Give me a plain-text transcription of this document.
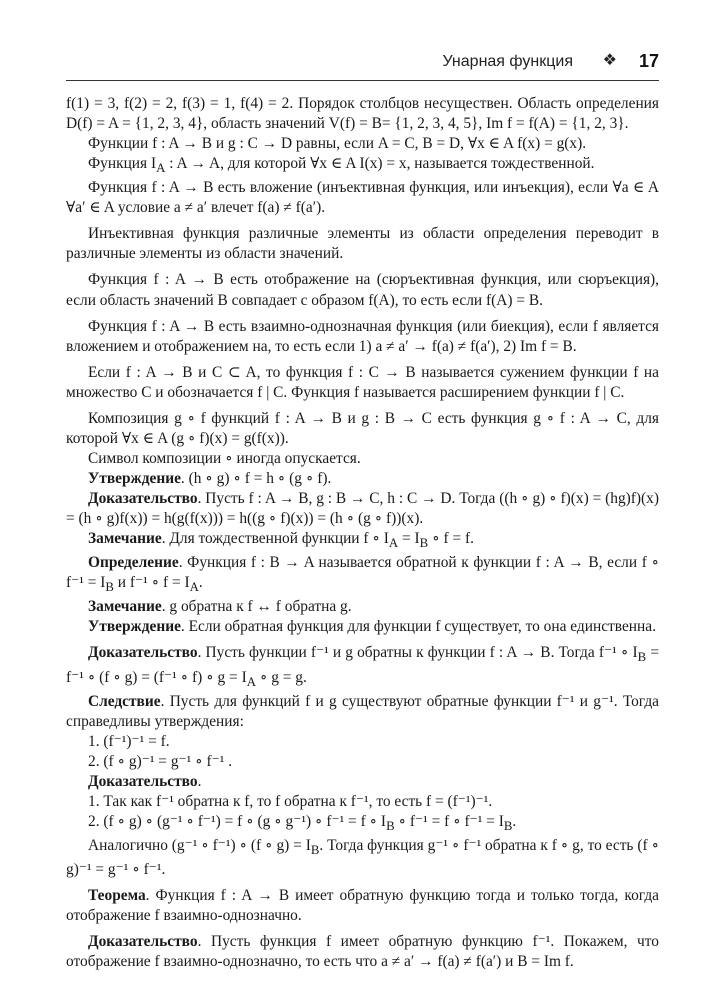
Унарная функция ❖ 17

f(1) = 3, f(2) = 2, f(3) = 1, f(4) = 2. Порядок столбцов несуществен. Область определения D(f) = A = {1, 2, 3, 4}, область значений V(f) = B= {1, 2, 3, 4, 5}, Im f = f(A) = {1, 2, 3}.

Функции f : A → B и g : C → D равны, если A = C, B = D, ∀x ∈ A f(x) = g(x).

Функция $I_A$ : A → A, для которой ∀x ∈ A I(x) = x, называется тождественной.

Функция f : A → B есть вложение (инъективная функция, или инъекция), если ∀a ∈ A ∀a′ ∈ A условие a ≠ a′ влечет f(a) ≠ f(a′).

Инъективная функция различные элементы из области определения переводит в различные элементы из области значений.

Функция f : A → B есть отображение на (сюръективная функция, или сюръекция), если область значений B совпадает с образом f(A), то есть если f(A) = B.

Функция f : A → B есть взаимно-однозначная функция (или биекция), если f является вложением и отображением на, то есть если 1) a ≠ a′ → f(a) ≠ f(a′), 2) Im f = B.

Если f : A → B и C ⊂ A, то функция f : C → B называется сужением функции f на множество C и обозначается f | C. Функция f называется расширением функции f | C.

Композиция g ∘ f функций f : A → B и g : B → C есть функция g ∘ f : A → C, для которой ∀x ∈ A (g ∘ f)(x) = g(f(x)).

Символ композиции ∘ иногда опускается.

Утверждение. (h ∘ g) ∘ f = h ∘ (g ∘ f).

Доказательство. Пусть f : A → B, g : B → C, h : C → D. Тогда ((h ∘ g) ∘ f)(x) = (hg)f)(x) = (h ∘ g)f(x)) = h(g(f(x))) = h((g ∘ f)(x)) = (h ∘ (g ∘ f))(x).

Замечание. Для тождественной функции f ∘ $I_A = I_B$ ∘ f = f.

Определение. Функция f : B → A называется обратной к функции f : A → B, если f ∘ $f^{-1} = I_B$ и f⁻¹ ∘ $f = I_A$.

Замечание. g обратна к f ↔ f обратна g.

Утверждение. Если обратная функция для функции f существует, то она единственна.

Доказательство. Пусть функции f⁻¹ и g обратны к функции f : A → B. Тогда f⁻¹ ∘ $I_B = f^{-1}$ ∘ (f ∘ g) = (f⁻¹ ∘ f) ∘ $g = I_A$ ∘ g = g.

Следствие. Пусть для функций f и g существуют обратные функции f⁻¹ и g⁻¹. Тогда справедливы утверждения:

1. (f⁻¹)⁻¹ = f.

2. (f ∘ g)⁻¹ = g⁻¹ ∘ f⁻¹ .

Доказательство.

1. Так как f⁻¹ обратна к f, то f обратна к f⁻¹, то есть f = (f⁻¹)⁻¹.

2. (f ∘ g) ∘ (g⁻¹ ∘ f⁻¹) = f ∘ (g ∘ g⁻¹) ∘ f⁻¹ = f ∘ $I_B$ ∘ f⁻¹ = f ∘ $f^{-1} = I_B$.

Аналогично (g⁻¹ ∘ f⁻¹) ∘ (f ∘ $g) = I_B$. Тогда функция g⁻¹ ∘ f⁻¹ обратна к f ∘ g, то есть (f ∘ g)⁻¹ = g⁻¹ ∘ f⁻¹.

Теорема. Функция f : A → B имеет обратную функцию тогда и только тогда, когда отображение f взаимно-однозначно.

Доказательство. Пусть функция f имеет обратную функцию f⁻¹. Покажем, что отображение f взаимно-однозначно, то есть что a ≠ a′ → f(a) ≠ f(a′) и B = Im f.
